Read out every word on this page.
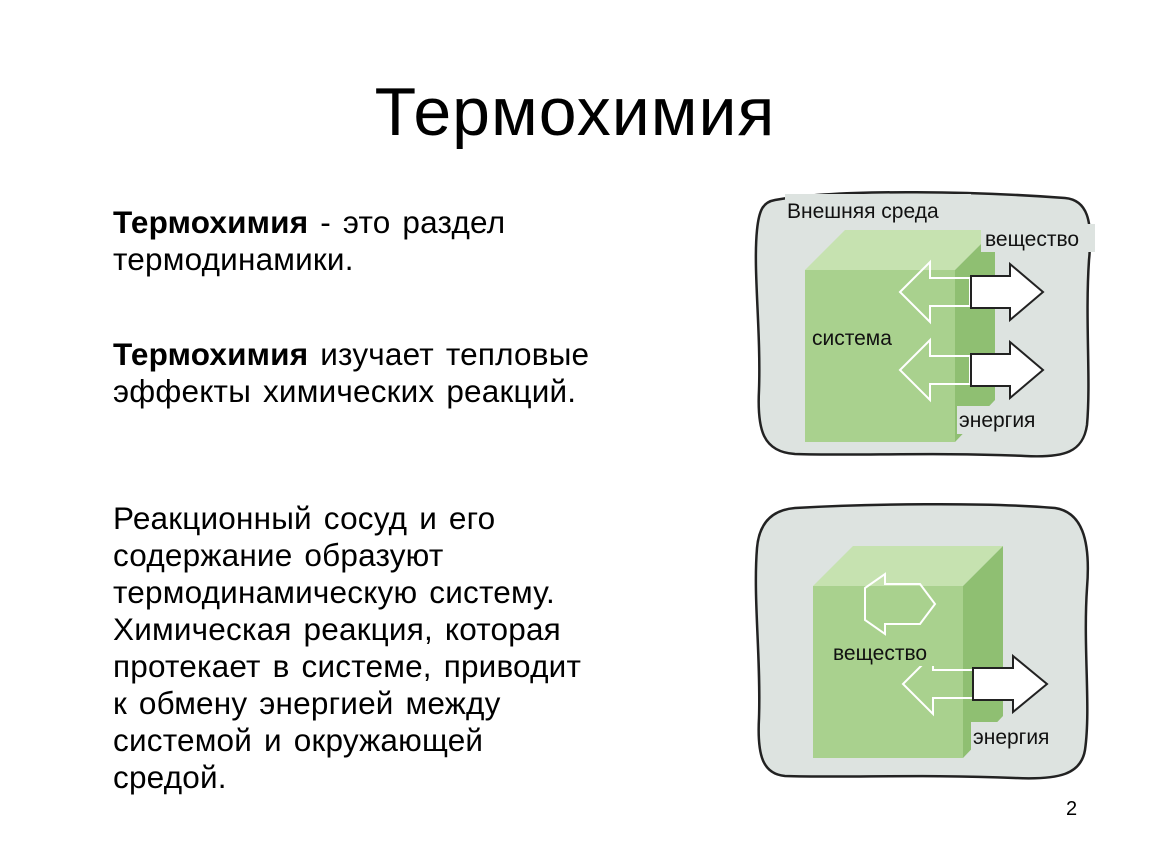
Термохимия
Термохимия - это раздел термодинамики.
Термохимия изучает тепловые эффекты химических реакций.
Реакционный сосуд и его
содержание образуют
термодинамическую систему.
Химическая реакция, которая
протекает в системе, приводит
к обмену энергией между
системой и окружающей
средой.
Внешняя среда
вещество
система
энергия
вещество
энергия
2
